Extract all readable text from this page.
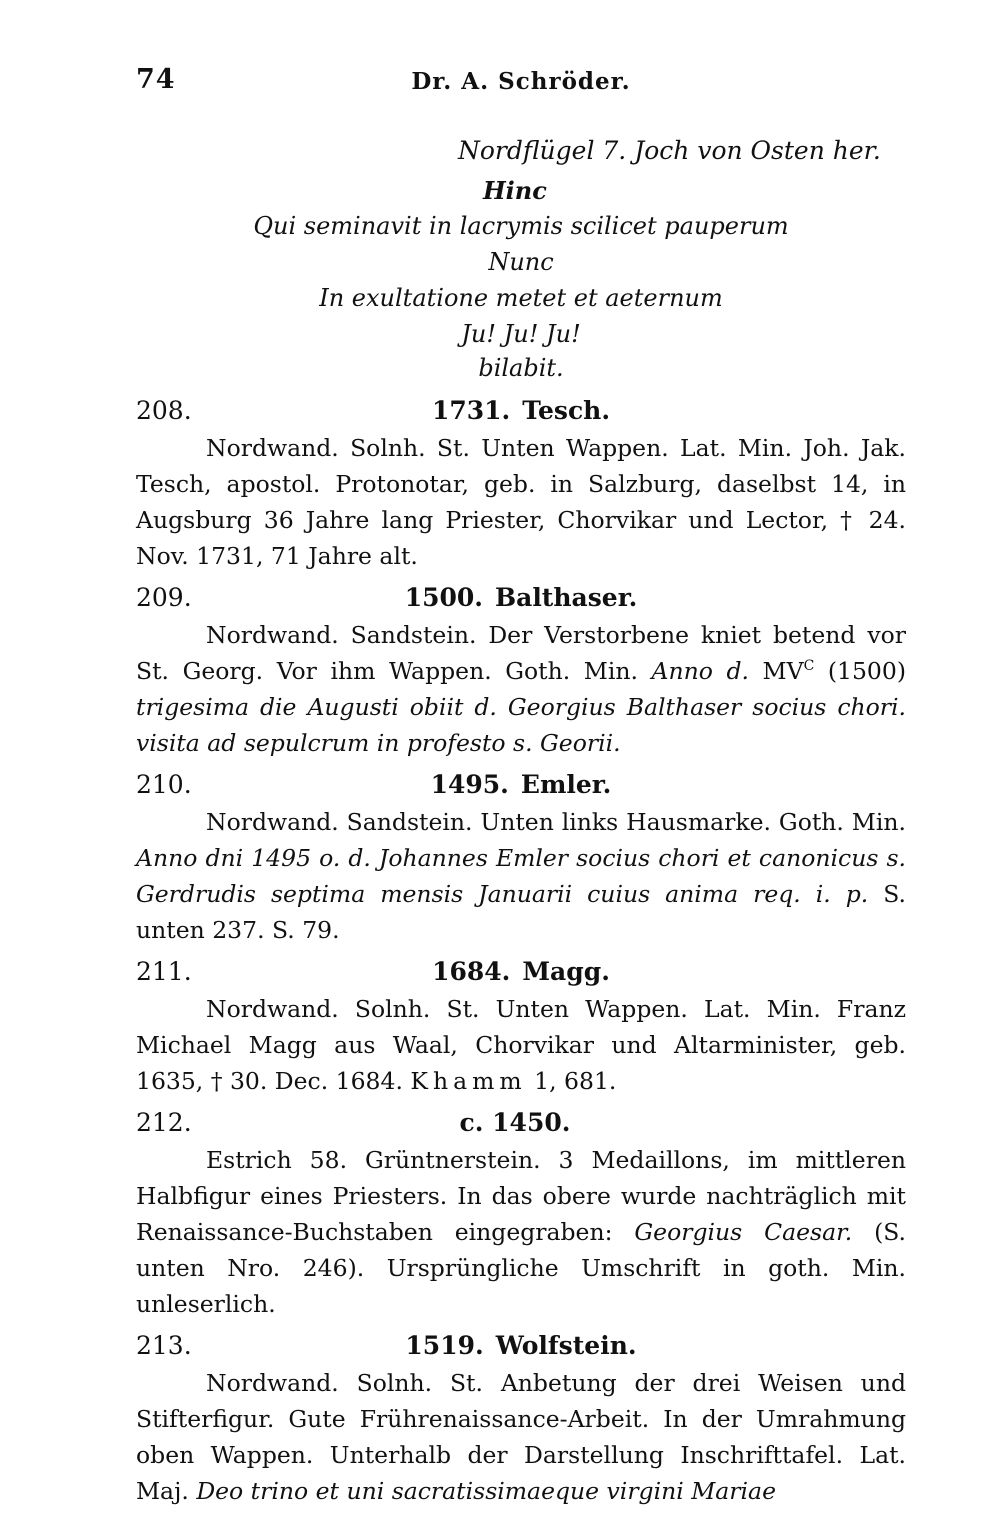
74	Dr. A. Schröder.
Nordflügel 7. Joch von Osten her.
Hinc
Qui seminavit in lacrymis scilicet pauperum
Nunc
In exultatione metet et aeternum
Ju! Ju! Ju!
bilabit.
208.	1731. Tesch.

Nordwand. Solnh. St. Unten Wappen. Lat. Min. Joh. Jak. Tesch, apostol. Protonotar, geb. in Salzburg, daselbst 14, in Augsburg 36 Jahre lang Priester, Chorvikar und Lector, † 24. Nov. 1731, 71 Jahre alt.

209.	1500. Balthaser.

Nordwand. Sandstein. Der Verstorbene kniet betend vor St. Georg. Vor ihm Wappen. Goth. Min. Anno d. $MV^C$ (1500) trigesima die Augusti obiit d. Georgius Balthaser socius chori. visita ad sepulcrum in profesto s. Georii.

210.	1495. Emler.

Nordwand. Sandstein. Unten links Hausmarke. Goth. Min. Anno dni 1495 o. d. Johannes Emler socius chori et canonicus s. Gerdrudis septima mensis Januarii cuius anima req. i. p. S. unten 237. S. 79.

211.	1684. Magg.

Nordwand. Solnh. St. Unten Wappen. Lat. Min. Franz Michael Magg aus Waal, Chorvikar und Altarminister, geb. 1635, † 30. Dec. 1684. Khamm 1, 681.

212.	c. 1450.

Estrich 58. Grüntnerstein. 3 Medaillons, im mittleren Halbfigur eines Priesters. In das obere wurde nachträglich mit Renaissance-Buchstaben eingegraben: Georgius Caesar. (S. unten Nro. 246). Ursprüngliche Umschrift in goth. Min. unleserlich.

213.	1519. Wolfstein.

Nordwand. Solnh. St. Anbetung der drei Weisen und Stifterfigur. Gute Frührenaissance-Arbeit. In der Umrahmung oben Wappen. Unterhalb der Darstellung Inschrifttafel. Lat. Maj. Deo trino et uni sacratissimaeque virgini Mariae
